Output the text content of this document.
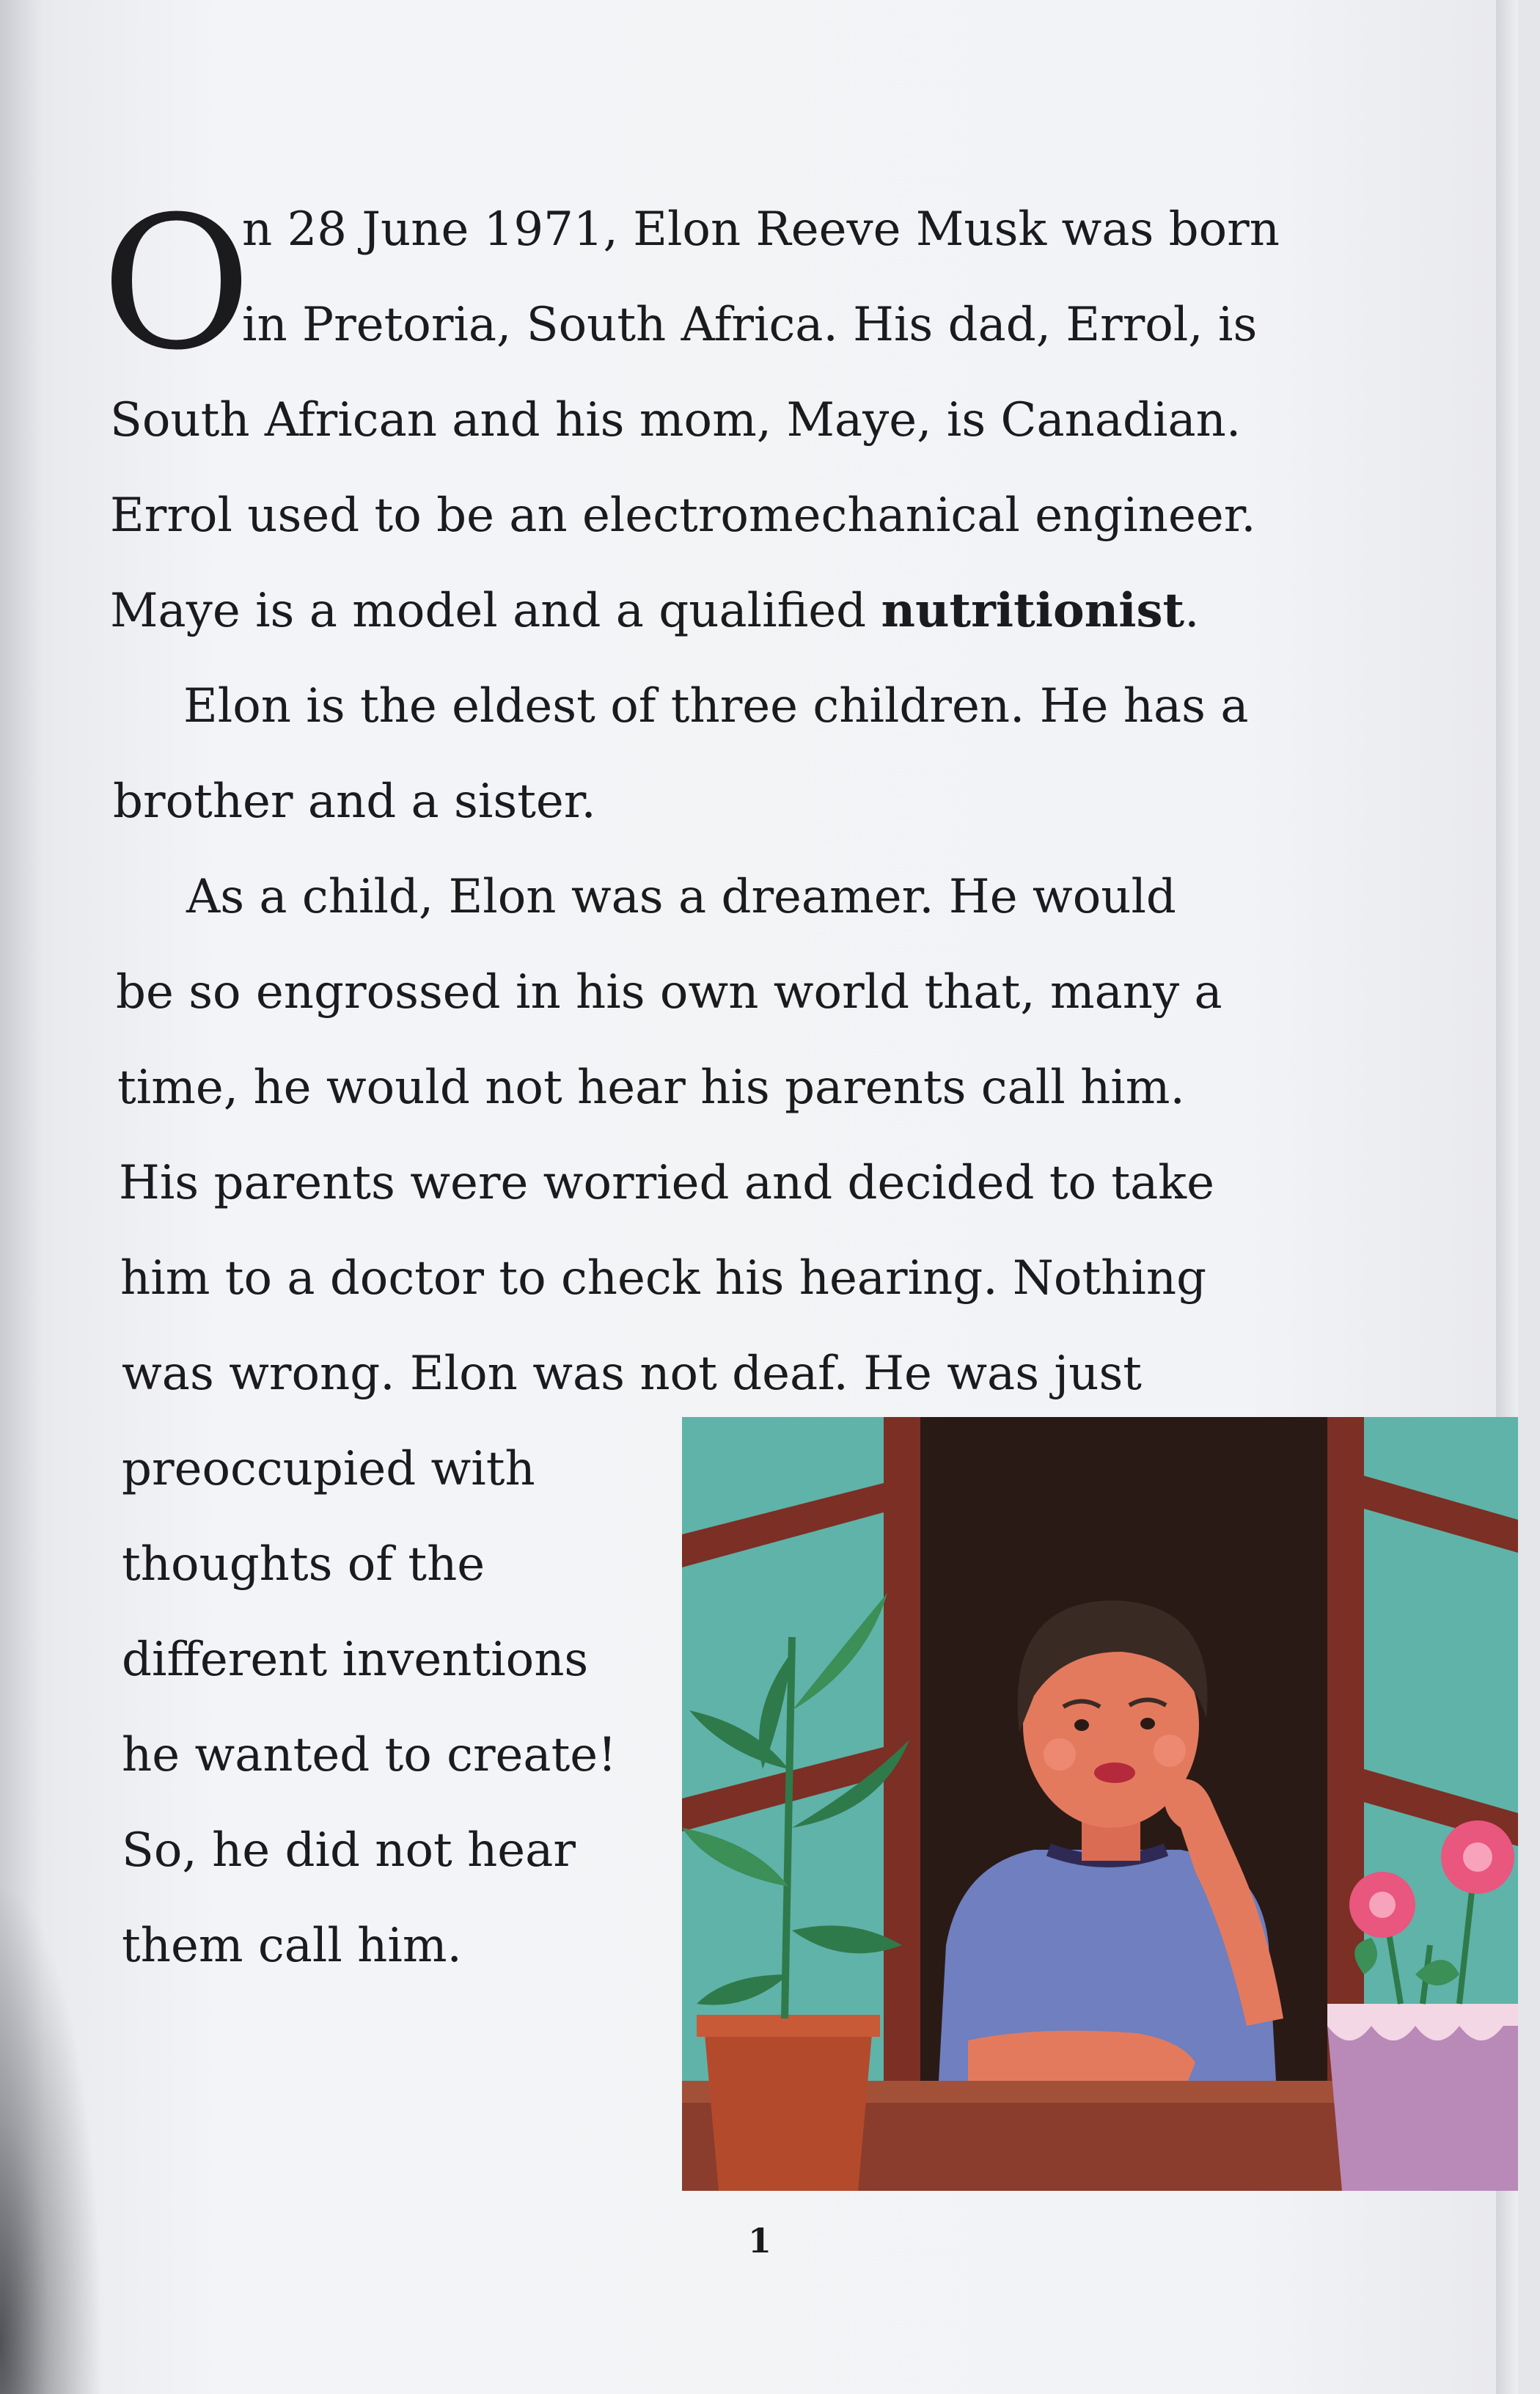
O
n 28 June 1971, Elon Reeve Musk was born
in Pretoria, South Africa. His dad, Errol, is
South African and his mom, Maye, is Canadian.
Errol used to be an electromechanical engineer.
Maye is a model and a qualified nutritionist.
Elon is the eldest of three children. He has a
brother and a sister.
As a child, Elon was a dreamer. He would
be so engrossed in his own world that, many a
time, he would not hear his parents call him.
His parents were worried and decided to take
him to a doctor to check his hearing. Nothing
was wrong. Elon was not deaf. He was just
preoccupied with
thoughts of the
different inventions
he wanted to create!
So, he did not hear
them call him.
1
